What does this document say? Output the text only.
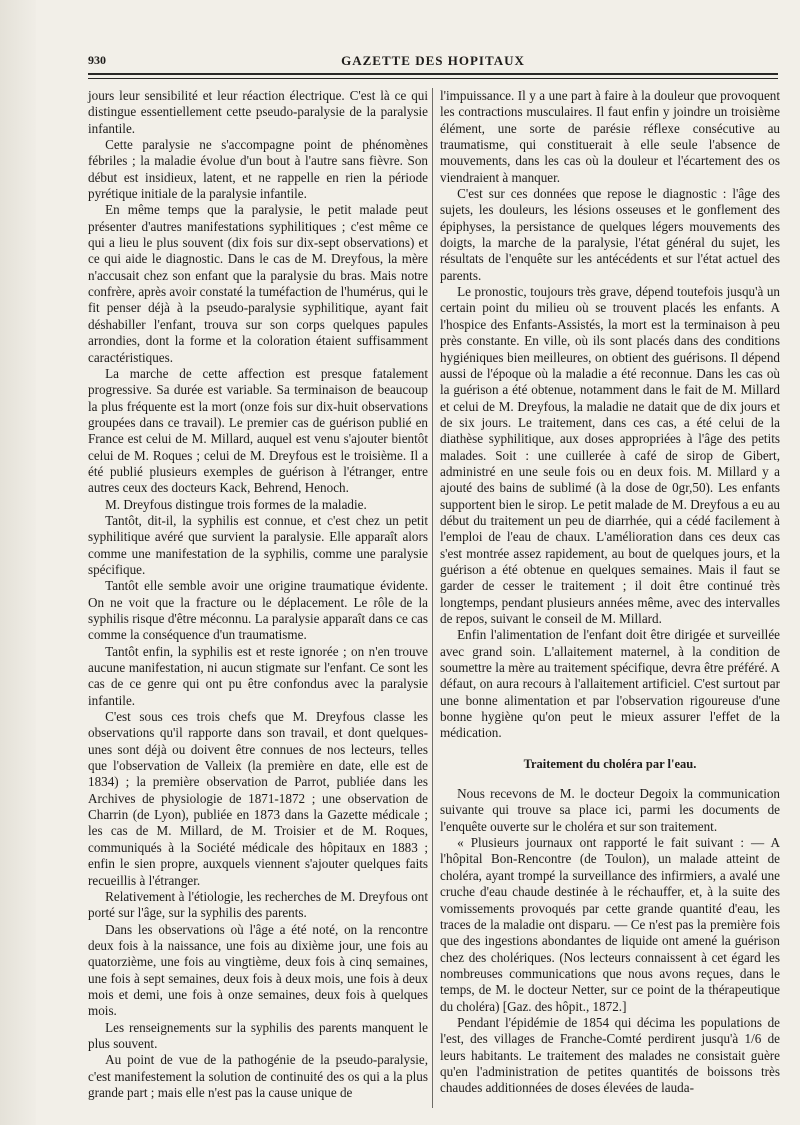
930	GAZETTE DES HOPITAUX

jours leur sensibilité et leur réaction électrique. C'est là ce qui distingue essentiellement cette pseudo-paralysie de la paralysie infantile.

Cette paralysie ne s'accompagne point de phénomènes fébriles ; la maladie évolue d'un bout à l'autre sans fièvre. Son début est insidieux, latent, et ne rappelle en rien la période pyrétique initiale de la paralysie infantile.

En même temps que la paralysie, le petit malade peut présenter d'autres manifestations syphilitiques ; c'est même ce qui a lieu le plus souvent (dix fois sur dix-sept observations) et ce qui aide le diagnostic. Dans le cas de M. Dreyfous, la mère n'accusait chez son enfant que la paralysie du bras. Mais notre confrère, après avoir constaté la tuméfaction de l'humérus, qui le fit penser déjà à la pseudo-paralysie syphilitique, ayant fait déshabiller l'enfant, trouva sur son corps quelques papules arrondies, dont la forme et la coloration étaient suffisamment caractéristiques.

La marche de cette affection est presque fatalement progressive. Sa durée est variable. Sa terminaison de beaucoup la plus fréquente est la mort (onze fois sur dix-huit observations groupées dans ce travail). Le premier cas de guérison publié en France est celui de M. Millard, auquel est venu s'ajouter bientôt celui de M. Roques ; celui de M. Dreyfous est le troisième. Il a été publié plusieurs exemples de guérison à l'étranger, entre autres ceux des docteurs Kack, Behrend, Henoch.

M. Dreyfous distingue trois formes de la maladie.

Tantôt, dit-il, la syphilis est connue, et c'est chez un petit syphilitique avéré que survient la paralysie. Elle apparaît alors comme une manifestation de la syphilis, comme une paralysie spécifique.

Tantôt elle semble avoir une origine traumatique évidente. On ne voit que la fracture ou le déplacement. Le rôle de la syphilis risque d'être méconnu. La paralysie apparaît dans ce cas comme la conséquence d'un traumatisme.

Tantôt enfin, la syphilis est et reste ignorée ; on n'en trouve aucune manifestation, ni aucun stigmate sur l'enfant. Ce sont les cas de ce genre qui ont pu être confondus avec la paralysie infantile.

C'est sous ces trois chefs que M. Dreyfous classe les observations qu'il rapporte dans son travail, et dont quelques-unes sont déjà ou doivent être connues de nos lecteurs, telles que l'observation de Valleix (la première en date, elle est de 1834) ; la première observation de Parrot, publiée dans les Archives de physiologie de 1871-1872 ; une observation de Charrin (de Lyon), publiée en 1873 dans la Gazette médicale ; les cas de M. Millard, de M. Troisier et de M. Roques, communiqués à la Société médicale des hôpitaux en 1883 ; enfin le sien propre, auxquels viennent s'ajouter quelques faits recueillis à l'étranger.

Relativement à l'étiologie, les recherches de M. Dreyfous ont porté sur l'âge, sur la syphilis des parents.

Dans les observations où l'âge a été noté, on la rencontre deux fois à la naissance, une fois au dixième jour, une fois au quatorzième, une fois au vingtième, deux fois à cinq semaines, une fois à sept semaines, deux fois à deux mois, une fois à deux mois et demi, une fois à onze semaines, deux fois à quelques mois.

Les renseignements sur la syphilis des parents manquent le plus souvent.

Au point de vue de la pathogénie de la pseudo-paralysie, c'est manifestement la solution de continuité des os qui a la plus grande part ; mais elle n'est pas la cause unique de

l'impuissance. Il y a une part à faire à la douleur que provoquent les contractions musculaires. Il faut enfin y joindre un troisième élément, une sorte de parésie réflexe consécutive au traumatisme, qui constituerait à elle seule l'absence de mouvements, dans les cas où la douleur et l'écartement des os viendraient à manquer.

C'est sur ces données que repose le diagnostic : l'âge des sujets, les douleurs, les lésions osseuses et le gonflement des épiphyses, la persistance de quelques légers mouvements des doigts, la marche de la paralysie, l'état général du sujet, les résultats de l'enquête sur les antécédents et sur l'état actuel des parents.

Le pronostic, toujours très grave, dépend toutefois jusqu'à un certain point du milieu où se trouvent placés les enfants. A l'hospice des Enfants-Assistés, la mort est la terminaison à peu près constante. En ville, où ils sont placés dans des conditions hygiéniques bien meilleures, on obtient des guérisons. Il dépend aussi de l'époque où la maladie a été reconnue. Dans les cas où la guérison a été obtenue, notamment dans le fait de M. Millard et celui de M. Dreyfous, la maladie ne datait que de dix jours et de six jours. Le traitement, dans ces cas, a été celui de la diathèse syphilitique, aux doses appropriées à l'âge des petits malades. Soit : une cuillerée à café de sirop de Gibert, administré en une seule fois ou en deux fois. M. Millard y a ajouté des bains de sublimé (à la dose de 0gr,50). Les enfants supportent bien le sirop. Le petit malade de M. Dreyfous a eu au début du traitement un peu de diarrhée, qui a cédé facilement à l'emploi de l'eau de chaux. L'amélioration dans ces deux cas s'est montrée assez rapidement, au bout de quelques jours, et la guérison a été obtenue en quelques semaines. Mais il faut se garder de cesser le traitement ; il doit être continué très longtemps, pendant plusieurs années même, avec des intervalles de repos, suivant le conseil de M. Millard.

Enfin l'alimentation de l'enfant doit être dirigée et surveillée avec grand soin. L'allaitement maternel, à la condition de soumettre la mère au traitement spécifique, devra être préféré. A défaut, on aura recours à l'allaitement artificiel. C'est surtout par une bonne alimentation et par l'observation rigoureuse d'une bonne hygiène qu'on peut le mieux assurer l'effet de la médication.

Traitement du choléra par l'eau.

Nous recevons de M. le docteur Degoix la communication suivante qui trouve sa place ici, parmi les documents de l'enquête ouverte sur le choléra et sur son traitement.

« Plusieurs journaux ont rapporté le fait suivant : — A l'hôpital Bon-Rencontre (de Toulon), un malade atteint de choléra, ayant trompé la surveillance des infirmiers, a avalé une cruche d'eau chaude destinée à le réchauffer, et, à la suite des vomissements provoqués par cette grande quantité d'eau, les traces de la maladie ont disparu. — Ce n'est pas la première fois que des ingestions abondantes de liquide ont amené la guérison chez des cholériques. (Nos lecteurs connaissent à cet égard les nombreuses communications que nous avons reçues, dans le temps, de M. le docteur Netter, sur ce point de la thérapeutique du choléra) [Gaz. des hôpit., 1872.]

Pendant l'épidémie de 1854 qui décima les populations de l'est, des villages de Franche-Comté perdirent jusqu'à 1/6 de leurs habitants. Le traitement des malades ne consistait guère qu'en l'administration de petites quantités de boissons très chaudes additionnées de doses élevées de lauda-
